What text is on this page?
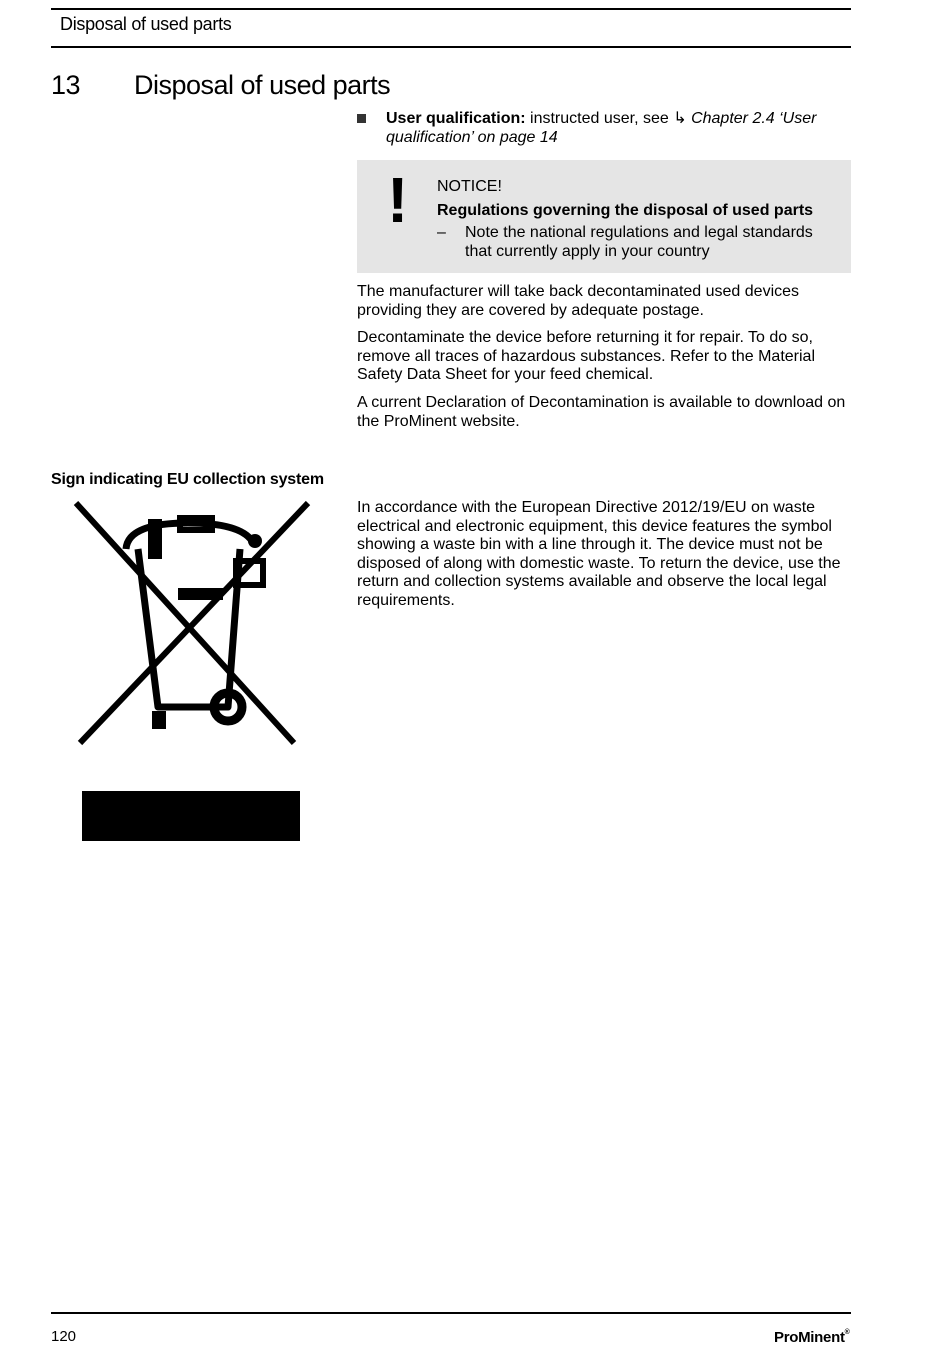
Disposal of used parts
13 Disposal of used parts
User qualification: instructed user, see ↳ Chapter 2.4 ‘User qualification’ on page 14
! NOTICE!
Regulations governing the disposal of used parts
– Note the national regulations and legal standards that currently apply in your country
The manufacturer will take back decontaminated used devices providing they are covered by adequate postage.
Decontaminate the device before returning it for repair. To do so, remove all traces of hazardous substances. Refer to the Material Safety Data Sheet for your feed chemical.
A current Declaration of Decontamination is available to download on the ProMinent website.
Sign indicating EU collection system
In accordance with the European Directive 2012/19/EU on waste electrical and electronic equipment, this device features the symbol showing a waste bin with a line through it. The device must not be disposed of along with domestic waste. To return the device, use the return and collection systems available and observe the local legal requirements.
120	ProMinent®
